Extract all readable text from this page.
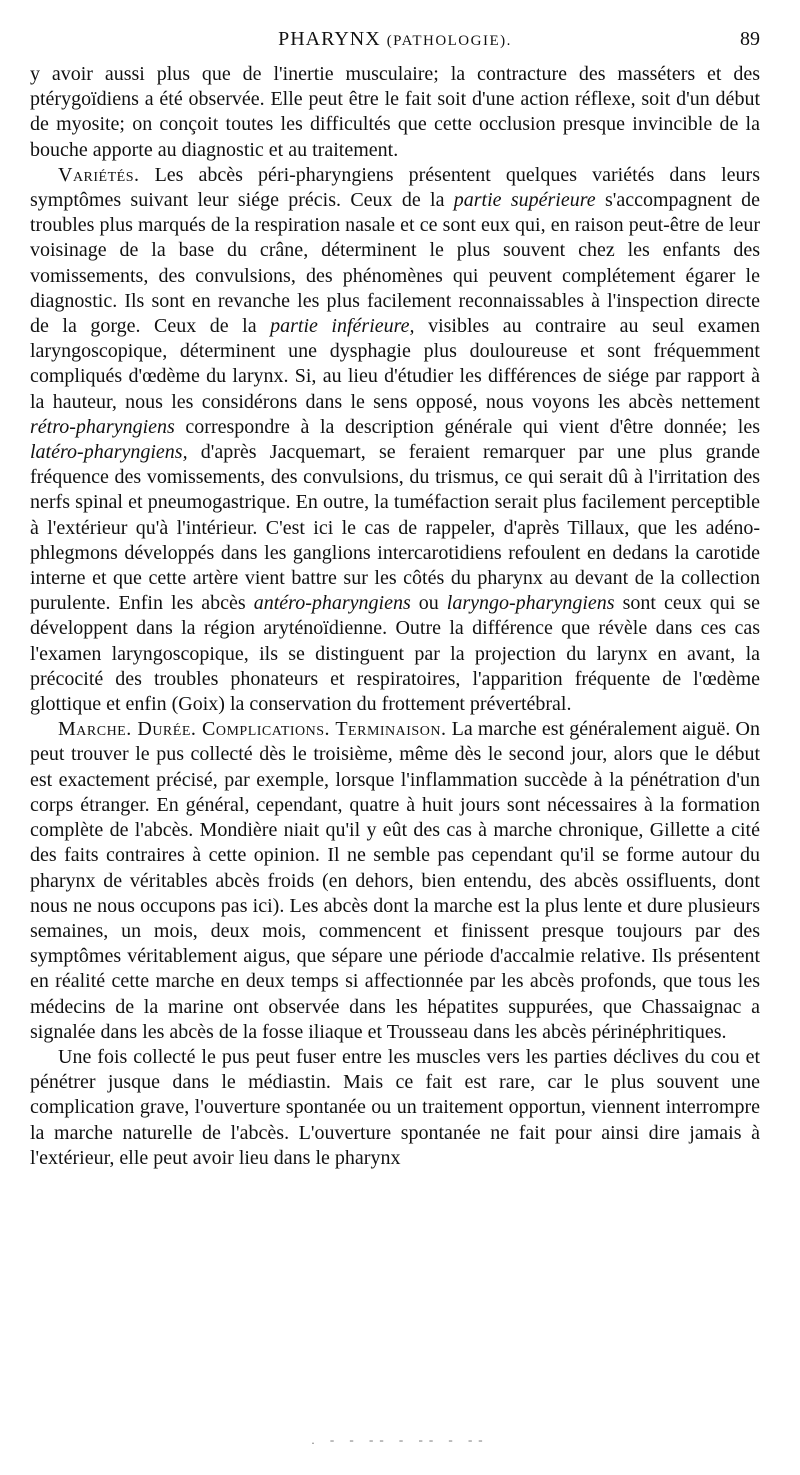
PHARYNX (PATHOLOGIE).	89

y avoir aussi plus que de l'inertie musculaire; la contracture des masséters et des ptérygoïdiens a été observée. Elle peut être le fait soit d'une action réflexe, soit d'un début de myosite; on conçoit toutes les difficultés que cette occlusion presque invincible de la bouche apporte au diagnostic et au traitement.

Variétés. Les abcès péri-pharyngiens présentent quelques variétés dans leurs symptômes suivant leur siége précis. Ceux de la partie supérieure s'accompagnent de troubles plus marqués de la respiration nasale et ce sont eux qui, en raison peut-être de leur voisinage de la base du crâne, déterminent le plus souvent chez les enfants des vomissements, des convulsions, des phénomènes qui peuvent complétement égarer le diagnostic. Ils sont en revanche les plus facilement reconnaissables à l'inspection directe de la gorge. Ceux de la partie inférieure, visibles au contraire au seul examen laryngoscopique, déterminent une dysphagie plus douloureuse et sont fréquemment compliqués d'œdème du larynx. Si, au lieu d'étudier les différences de siége par rapport à la hauteur, nous les considérons dans le sens opposé, nous voyons les abcès nettement rétro-pharyngiens correspondre à la description générale qui vient d'être donnée; les latéro-pharyngiens, d'après Jacquemart, se feraient remarquer par une plus grande fréquence des vomissements, des convulsions, du trismus, ce qui serait dû à l'irritation des nerfs spinal et pneumogastrique. En outre, la tuméfaction serait plus facilement perceptible à l'extérieur qu'à l'intérieur. C'est ici le cas de rappeler, d'après Tillaux, que les adéno-phlegmons développés dans les ganglions intercarotidiens refoulent en dedans la carotide interne et que cette artère vient battre sur les côtés du pharynx au devant de la collection purulente. Enfin les abcès antéro-pharyngiens ou laryngo-pharyngiens sont ceux qui se développent dans la région aryténoïdienne. Outre la différence que révèle dans ces cas l'examen laryngoscopique, ils se distinguent par la projection du larynx en avant, la précocité des troubles phonateurs et respiratoires, l'apparition fréquente de l'œdème glottique et enfin (Goix) la conservation du frottement prévertébral.

Marche. Durée. Complications. Terminaison. La marche est généralement aiguë. On peut trouver le pus collecté dès le troisième, même dès le second jour, alors que le début est exactement précisé, par exemple, lorsque l'inflammation succède à la pénétration d'un corps étranger. En général, cependant, quatre à huit jours sont nécessaires à la formation complète de l'abcès. Mondière niait qu'il y eût des cas à marche chronique, Gillette a cité des faits contraires à cette opinion. Il ne semble pas cependant qu'il se forme autour du pharynx de véritables abcès froids (en dehors, bien entendu, des abcès ossifluents, dont nous ne nous occupons pas ici). Les abcès dont la marche est la plus lente et dure plusieurs semaines, un mois, deux mois, commencent et finissent presque toujours par des symptômes véritablement aigus, que sépare une période d'accalmie relative. Ils présentent en réalité cette marche en deux temps si affectionnée par les abcès profonds, que tous les médecins de la marine ont observée dans les hépatites suppurées, que Chassaignac a signalée dans les abcès de la fosse iliaque et Trousseau dans les abcès périnéphritiques.

Une fois collecté le pus peut fuser entre les muscles vers les parties déclives du cou et pénétrer jusque dans le médiastin. Mais ce fait est rare, car le plus souvent une complication grave, l'ouverture spontanée ou un traitement opportun, viennent interrompre la marche naturelle de l'abcès. L'ouverture spontanée ne fait pour ainsi dire jamais à l'extérieur, elle peut avoir lieu dans le pharynx

. - - -- - -- - --
